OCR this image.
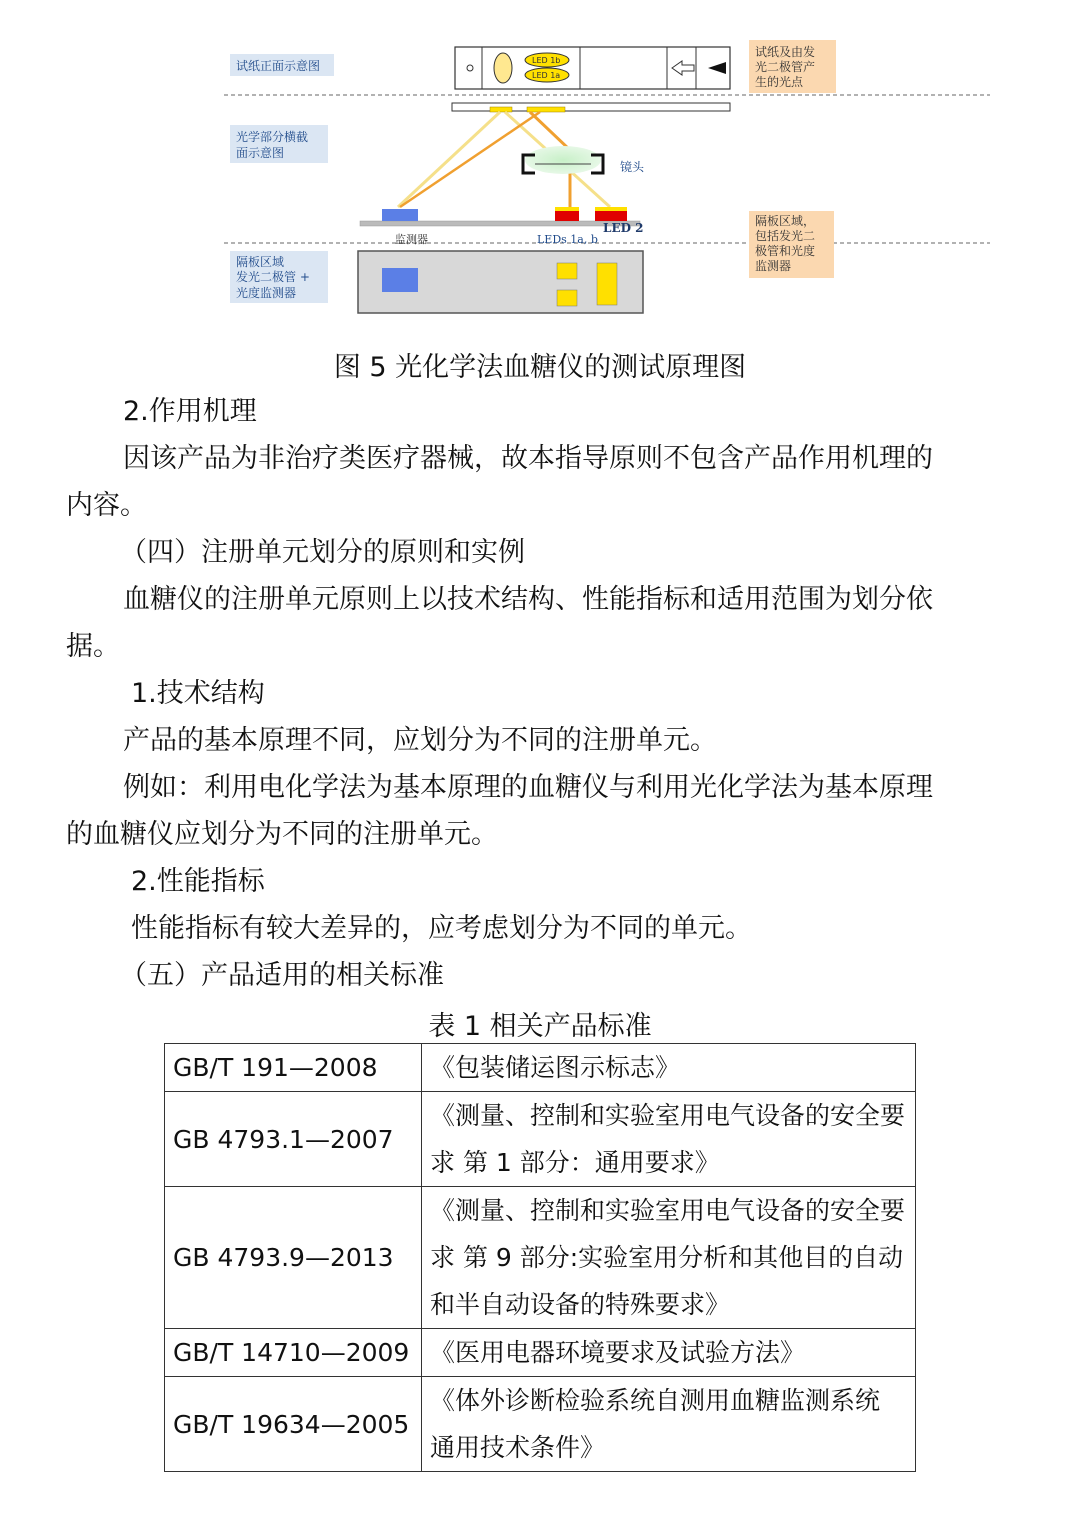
试纸正面示意图
光学部分横截
面示意图
隔板区域
发光二极管 +
光度监测器
试纸及由发
光二极管产
生的光点
隔板区域，
包括发光二
极管和光度
监测器
LED 1b
LED 1a
镜头
LED 2
监测器	LEDs 1a, b
图 5 光化学法血糖仪的测试原理图
2.作用机理
因该产品为非治疗类医疗器械，故本指导原则不包含产品作用机理的
内容。
（四）注册单元划分的原则和实例
血糖仪的注册单元原则上以技术结构、性能指标和适用范围为划分依
据。
1.技术结构
产品的基本原理不同，应划分为不同的注册单元。
例如：利用电化学法为基本原理的血糖仪与利用光化学法为基本原理
的血糖仪应划分为不同的注册单元。
2.性能指标
性能指标有较大差异的，应考虑划分为不同的单元。
（五）产品适用的相关标准
表 1 相关产品标准
GB/T 191—2008	《包装储运图示标志》

GB 4793.1—2007	《测量、控制和实验室用电气设备的安全要
求 第 1 部分：通用要求》

GB 4793.9—2013	《测量、控制和实验室用电气设备的安全要
求 第 9 部分:实验室用分析和其他目的自动
和半自动设备的特殊要求》

GB/T 14710—2009	《医用电器环境要求及试验方法》

GB/T 19634—2005	《体外诊断检验系统自测用血糖监测系统
通用技术条件》
